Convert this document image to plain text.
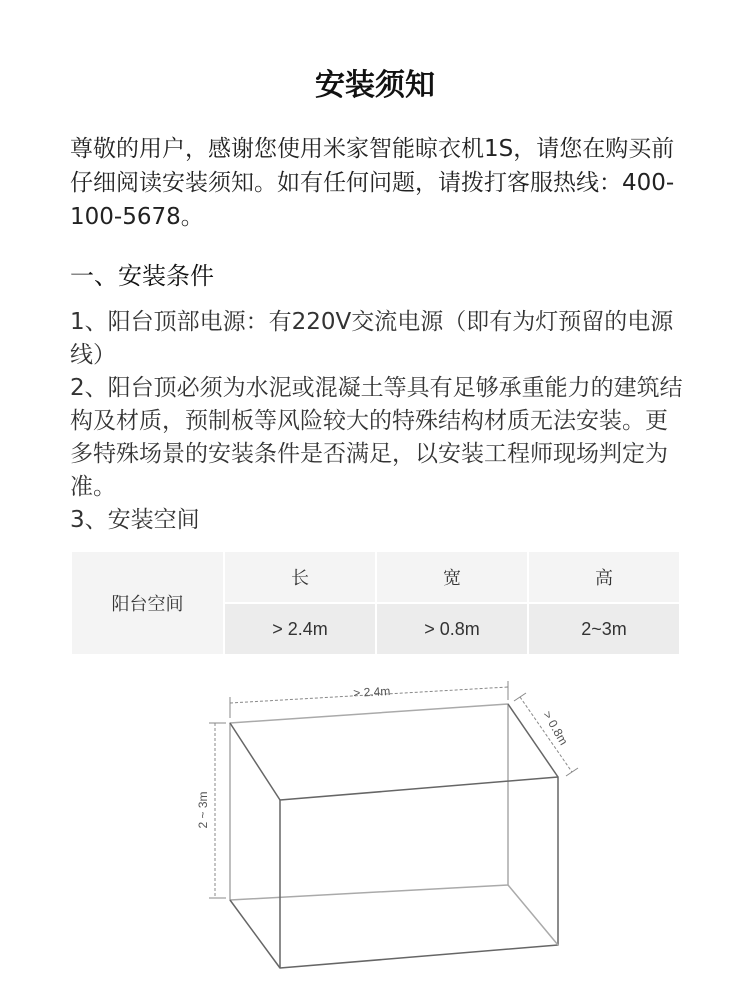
安装须知
尊敬的用户，感谢您使用米家智能晾衣机1S，请您在购买前仔细阅读安装须知。如有任何问题，请拨打客服热线：400-100-5678。
一、安装条件

1、阳台顶部电源：有220V交流电源（即有为灯预留的电源线）

2、阳台顶必须为水泥或混凝土等具有足够承重能力的建筑结构及材质，预制板等风险较大的特殊结构材质无法安装。更多特殊场景的安装条件是否满足，以安装工程师现场判定为准。

3、安装空间

阳台空间	长	宽	高
	> 2.4m	> 0.8m	2~3m
> 2.4m
> 0.8m
2 ~ 3m
